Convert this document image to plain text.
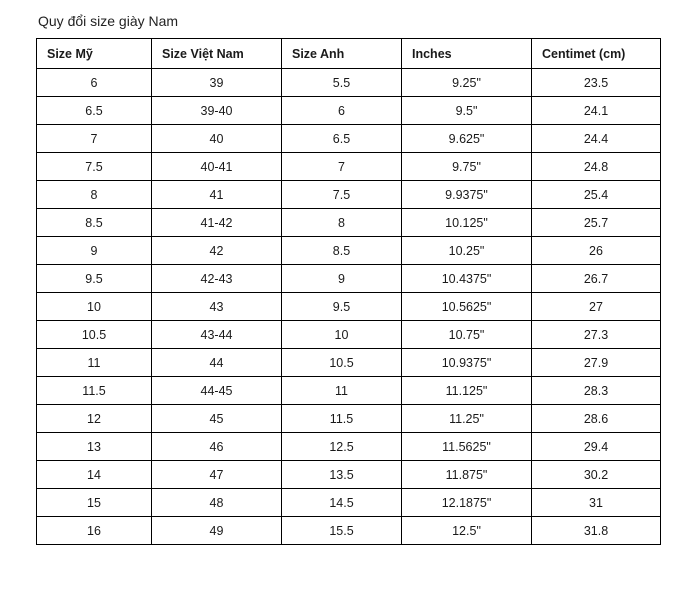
Quy đổi size giày Nam
Size Mỹ	Size Việt Nam	Size Anh	Inches	Centimet (cm)
6	39	5.5	9.25"	23.5
6.5	39-40	6	9.5"	24.1
7	40	6.5	9.625"	24.4
7.5	40-41	7	9.75"	24.8
8	41	7.5	9.9375"	25.4
8.5	41-42	8	10.125"	25.7
9	42	8.5	10.25"	26
9.5	42-43	9	10.4375"	26.7
10	43	9.5	10.5625"	27
10.5	43-44	10	10.75"	27.3
11	44	10.5	10.9375"	27.9
11.5	44-45	11	11.125"	28.3
12	45	11.5	11.25"	28.6
13	46	12.5	11.5625"	29.4
14	47	13.5	11.875"	30.2
15	48	14.5	12.1875"	31
16	49	15.5	12.5"	31.8
